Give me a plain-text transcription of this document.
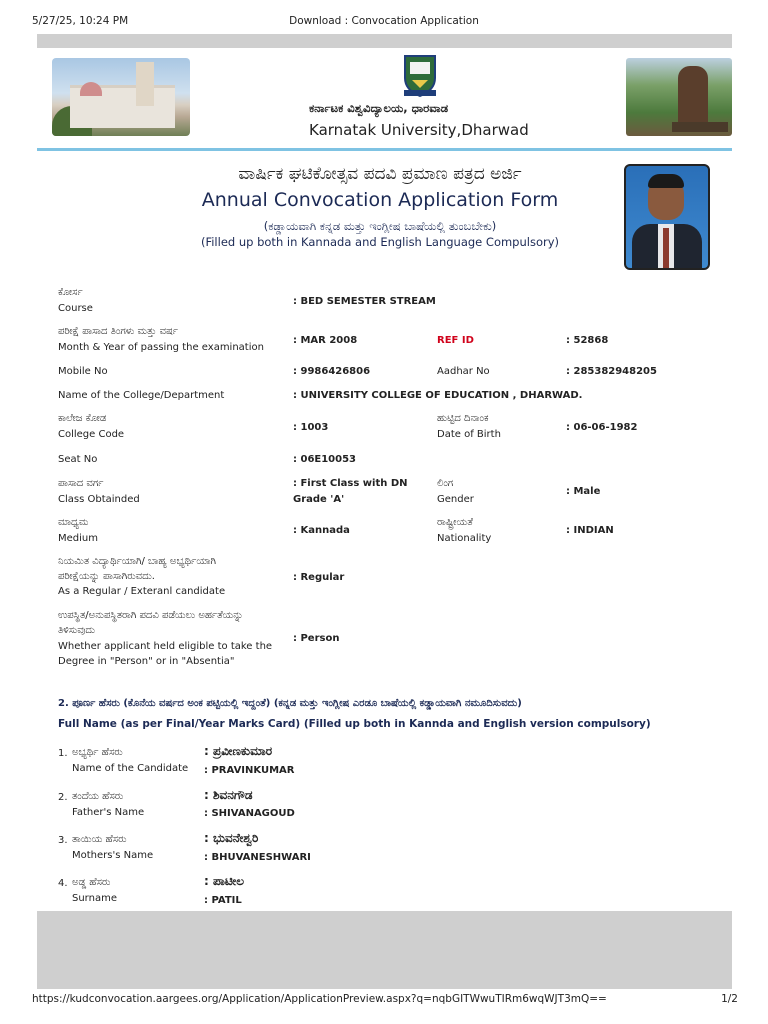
5/27/25, 10:24 PM	Download : Convocation Application
ಕರ್ನಾಟಕ ವಿಶ್ವವಿದ್ಯಾಲಯ, ಧಾರವಾಡ
Karnatak University,Dharwad
ವಾರ್ಷಿಕ ಘಟಿಕೋತ್ಸವ ಪದವಿ ಪ್ರಮಾಣ ಪತ್ರದ ಅರ್ಜಿ
Annual Convocation Application Form
(ಕಡ್ಡಾಯವಾಗಿ ಕನ್ನಡ ಮತ್ತು ಇಂಗ್ಲೀಷ ಬಾಷೆಯಲ್ಲಿ ತುಂಬಬೇಕು)
(Filled up both in Kannada and English Language Compulsory)
ಕೋರ್ಸ
Course
: BED SEMESTER STREAM
ಪರೀಕ್ಷೆ ಪಾಸಾದ ತಿಂಗಳು ಮತ್ತು ವರ್ಷ
Month & Year of passing the examination
: MAR 2008	REF ID	: 52868
Mobile No	: 9986426806	Aadhar No	: 285382948205
Name of the College/Department	: UNIVERSITY COLLEGE OF EDUCATION , DHARWAD.
ಕಾಲೇಜ ಕೋಡ
College Code
: 1003
ಹುಟ್ಟಿದ ದಿನಾಂಕ
Date of Birth
: 06-06-1982
Seat No	: 06E10053
ಪಾಸಾದ ವರ್ಗ
Class Obtainded
: First Class with DN
Grade 'A'
ಲಿಂಗ
Gender
: Male
ಮಾಧ್ಯಮ
Medium
: Kannada
ರಾಷ್ಟ್ರೀಯತೆ
Nationality
: INDIAN
ನಿಯಮಿತ ವಿದ್ಯಾರ್ಥಿಯಾಗಿ/ ಬಾಹ್ಯ ಅಭ್ಯರ್ಥಿಯಾಗಿ
ಪರೀಕ್ಷೆಯನ್ನು ಪಾಸಾಗಿರುವದು.
As a Regular / Exteranl candidate
: Regular
ಉಪಸ್ಥಿತ/ಅನುಪಸ್ಥಿತರಾಗಿ ಪದವಿ ಪಡೆಯಲು ಅರ್ಹತೆಯನ್ನು
ತಿಳಿಸುವುದು
Whether applicant held eligible to take the
Degree in "Person" or in "Absentia"
: Person
2. ಪೂರ್ಣ ಹೆಸರು (ಕೊನೆಯ ವರ್ಷದ ಅಂಕ ಪಟ್ಟಿಯಲ್ಲಿ ಇದ್ದಂತೆ) (ಕನ್ನಡ ಮತ್ತು ಇಂಗ್ಲೀಷ ಎರಡೂ ಬಾಷೆಯಲ್ಲಿ ಕಡ್ಡಾಯವಾಗಿ ನಮೂದಿಸುವದು)
Full Name (as per Final/Year Marks Card) (Filled up both in Kannda and English version compulsory)
1. ಅಭ್ಯರ್ಥಿ ಹೆಸರು
Name of the Candidate
: ಪ್ರವೀಣಕುಮಾರ
: PRAVINKUMAR
2. ತಂದೆಯ ಹೆಸರು
Father's Name
: ಶಿವನಗೌಡ
: SHIVANAGOUD
3. ತಾಯಿಯ ಹೆಸರು
Mothers's Name
: ಭುವನೇಶ್ವರಿ
: BHUVANESHWARI
4. ಅಡ್ಡ ಹೆಸರು
Surname
: ಪಾಟೀಲ
: PATIL
https://kudconvocation.aargees.org/Application/ApplicationPreview.aspx?q=nqbGITWwuTIRm6wqWJT3mQ==	1/2
